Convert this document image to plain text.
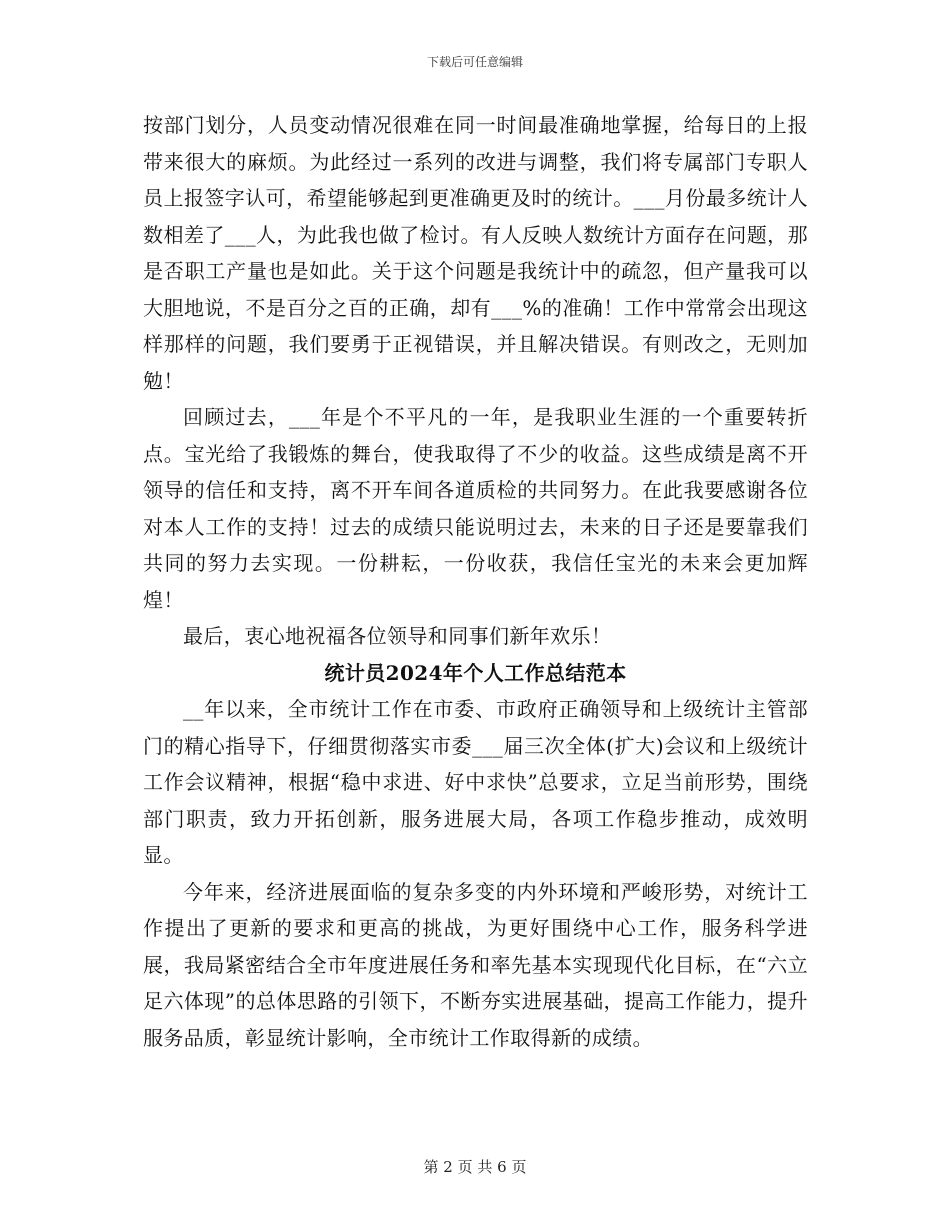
下载后可任意编辑

按部门划分，人员变动情况很难在同一时间最准确地掌握，给每日的上报带来很大的麻烦。为此经过一系列的改进与调整，我们将专属部门专职人员上报签字认可，希望能够起到更准确更及时的统计。___月份最多统计人数相差了___人，为此我也做了检讨。有人反映人数统计方面存在问题，那是否职工产量也是如此。关于这个问题是我统计中的疏忽，但产量我可以大胆地说，不是百分之百的正确，却有___%的准确！工作中常常会出现这样那样的问题，我们要勇于正视错误，并且解决错误。有则改之，无则加勉！

回顾过去，___年是个不平凡的一年，是我职业生涯的一个重要转折点。宝光给了我锻炼的舞台，使我取得了不少的收益。这些成绩是离不开领导的信任和支持，离不开车间各道质检的共同努力。在此我要感谢各位对本人工作的支持！过去的成绩只能说明过去，未来的日子还是要靠我们共同的努力去实现。一份耕耘，一份收获，我信任宝光的未来会更加辉煌！

最后，衷心地祝福各位领导和同事们新年欢乐！

统计员2024年个人工作总结范本

__年以来，全市统计工作在市委、市政府正确领导和上级统计主管部门的精心指导下，仔细贯彻落实市委___届三次全体(扩大)会议和上级统计工作会议精神，根据“稳中求进、好中求快”总要求，立足当前形势，围绕部门职责，致力开拓创新，服务进展大局，各项工作稳步推动，成效明显。

今年来，经济进展面临的复杂多变的内外环境和严峻形势，对统计工作提出了更新的要求和更高的挑战，为更好围绕中心工作，服务科学进展，我局紧密结合全市年度进展任务和率先基本实现现代化目标，在“六立足六体现”的总体思路的引领下，不断夯实进展基础，提高工作能力，提升服务品质，彰显统计影响，全市统计工作取得新的成绩。

第 2 页 共 6 页
